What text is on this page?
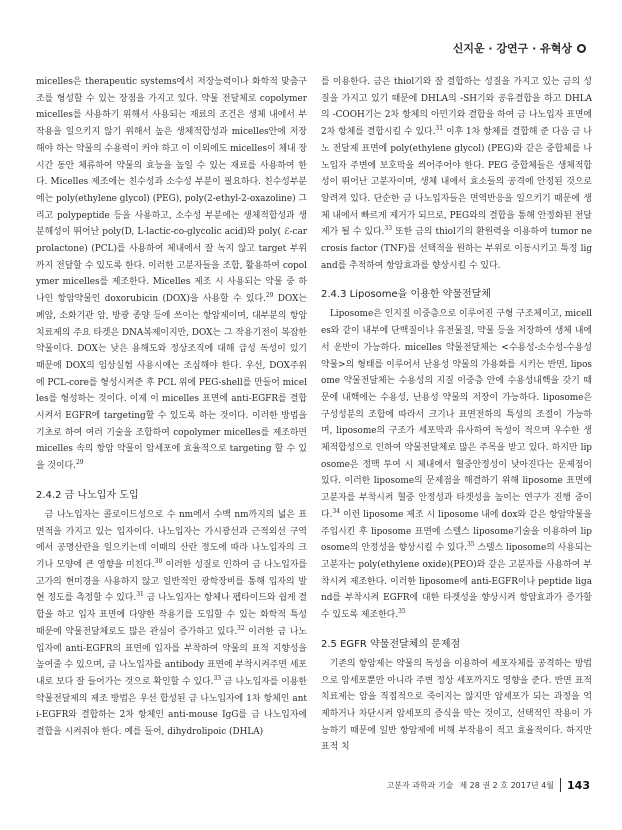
신지운 · 강연구 · 유혁상

micelles은 therapeutic systems에서 저장능력이나 화학적 맞춤구조를 형성할 수 있는 장점을 가지고 있다. 약물 전달체로 copolymer micelles를 사용하기 위해서 사용되는 재료의 조건은 생체 내에서 부작용을 일으키지 않기 위해서 높은 생체적합성과 micelles안에 저장해야 하는 약물의 수용력이 커야 하고 이 이외에도 micelles이 체내 장시간 동안 체류하여 약물의 효능을 높일 수 있는 재료를 사용하여 한다. Micelles 제조에는 친수성과 소수성 부분이 필요하다. 친수성부분에는 poly(ethylene glycol) (PEG), poly(2-ethyl-2-oxazoline) 그리고 polypeptide 등을 사용하고, 소수성 부분에는 생체적합성과 생분해성이 뛰어난 poly(D, L-lactic-co-glycolic acid)와 poly( ℰ-carprolactone) (PCL)를 사용하여 체내에서 잘 녹지 않고 target 부위까지 전달할 수 있도록 한다. 이러한 고분자들을 조합, 활용하여 copolymer micelles를 제조한다. Micelles 제조 시 사용되는 약물 중 하나인 항암약물인 doxorubicin (DOX)을 사용할 수 있다.$^{29}$ DOX는 폐암, 소화기관 암, 방광 종양 등에 쓰이는 항암제이며, 대부분의 항암치료제의 주요 타겟은 DNA복제이지만, DOX는 그 작용기전이 복잡한 약물이다. DOX는 낮은 용해도와 정상조직에 대해 급성 독성이 있기 때문에 DOX의 임상실험 사용시에는 조심해야 한다. 우선, DOX주위에 PCL-core를 형성시켜준 후 PCL 위에 PEG-shell를 만들어 micelles를 형성하는 것이다. 이제 이 micelles 표면에 anti-EGFR를 결합시켜서 EGFR에 targeting할 수 있도록 하는 것이다. 이러한 방법을 기초로 하여 여러 기술을 조합하여 copolymer micelles를 제조하면 micelles 속의 항암 약물이 암세포에 효율적으로 targeting 할 수 있을 것이다.$^{29}$

2.4.2 금 나노입자 도입

금 나노입자는 콜로이드성으로 수 nm에서 수백 nm까지의 넓은 표면적을 가지고 있는 입자이다. 나노입자는 가시광선과 근적외선 구역에서 공명산란을 일으키는데 이때의 산란 정도에 따라 나노입자의 크기나 모양에 큰 영향을 미친다.$^{30}$ 이러한 성질로 인하여 금 나노입자를 고가의 현미경을 사용하지 않고 일반적인 광학장비를 통해 입자의 발현 정도를 측정할 수 있다.$^{31}$ 금 나노입자는 항체나 펩타이드와 쉽게 결합을 하고 입자 표면에 다양한 작용기를 도입할 수 있는 화학적 특성 때문에 약물전달체로도 많은 관심이 증가하고 있다.$^{32}$ 이러한 금 나노입자에 anti-EGFR의 표면에 입자를 부착하여 약물의 표적 지향성을 높여줄 수 있으며, 금 나노입자를 antibody 표면에 부착시켜주면 세포 내로 보다 잘 들어가는 것으로 확인할 수 있다.$^{33}$ 금 나노입자를 이용한 약물전달제의 제조 방법은 우선 합성된 금 나노입자에 1차 항체인 anti-EGFR와 결합하는 2차 항체인 anti-mouse IgG를 금 나노입자에 결합을 시켜줘야 한다. 예를 들어, dihydrolipoic (DHLA)

를 이용한다. 금은 thiol기와 잘 결합하는 성질을 가지고 있는 금의 성질을 가지고 있기 때문에 DHLA의 -SH기와 공유결합을 하고 DHLA의 -COOH기는 2차 항체의 아민기와 결합을 하여 금 나노입자 표면에 2차 항체를 결합시킬 수 있다.$^{31}$ 이후 1차 항체를 결합해 준 다음 금 나노 전달제 표면에 poly(ethylene glycol) (PEG)와 같은 중합체를 나노입자 주변에 보호막을 씌어주어야 한다. PEG 중합체들은 생체적합성이 뛰어난 고분자이며, 생체 내에서 효소들의 공격에 안정된 것으로 알려져 있다. 단순한 금 나노입자들은 면역반응을 일으키기 때문에 생체 내에서 빠르게 제거가 되므로, PEG와의 결합을 통해 안정화된 전달제가 될 수 있다.$^{33}$ 또한 금의 thiol기의 환원력을 이용하여 tumor necrosis factor (TNF)를 선택적을 원하는 부위로 이동시키고 특정 ligand를 추적하여 항암효과를 향상시킬 수 있다.

2.4.3 Liposome을 이용한 약물전달체

Liposome은 인지질 이중층으로 이루어진 구형 구조체이고, micelles와 같이 내부에 단백질이나 유전물질, 약물 등을 저장하여 생체 내에서 운반이 가능하다. micelles 약물전달체는 <수용성-소수성-수용성약물>의 형태를 이루어서 난용성 약물의 가용화를 시키는 반면, liposome 약물전달체는 수용성의 지질 이중층 안에 수용성내핵을 갖기 때문에 내핵에는 수용성, 난용성 약물의 저장이 가능하다. liposome은 구성성분의 조합에 따라서 크기나 표면전하의 특성의 조절이 가능하며, liposome의 구조가 세포막과 유사하여 독성이 적으며 우수한 생체적합성으로 인하여 약물전달체로 많은 주목을 받고 있다. 하지만 liposome은 정맥 투여 시 체내에서 혈중안정성이 낮아진다는 문제점이 있다. 이러한 liposome의 문제점을 해결하기 위해 liposome 표면에 고분자를 부착시켜 혈중 안정성과 타겟성을 높이는 연구가 진행 중이다.$^{34}$ 이런 liposome 제조 시 liposome 내에 dox와 같은 항암약물을 주입시킨 후 liposome 표면에 스텔스 liposome기술을 이용하여 liposome의 안정성을 향상시킬 수 있다.$^{35}$ 스텔스 liposome의 사용되는 고분자는 poly(ethylene oxide)(PEO)와 같은 고분자를 사용하여 부착시켜 제조한다. 이러한 liposome에 anti-EGFR이나 peptide ligand를 부착시켜 EGFR에 대한 타겟성을 향상시켜 항암효과가 증가할 수 있도록 제조한다.$^{35}$

2.5 EGFR 약물전달체의 문제점

기존의 항암제는 약물의 독성을 이용하여 세포자체를 공격하는 방법으로 암세포뿐만 아니라 주변 정상 세포까지도 영향을 준다. 반면 표적 치료제는 암을 직접적으로 죽이지는 않지만 암세포가 되는 과정을 억제하거나 차단시켜 암세포의 증식을 막는 것이고, 선택적인 작용이 가능하기 때문에 일반 항암제에 비해 부작용이 적고 효율적이다. 하지만 표적 치

고분자 과학과 기술 제 28 권 2 호 2017년 4월 143
